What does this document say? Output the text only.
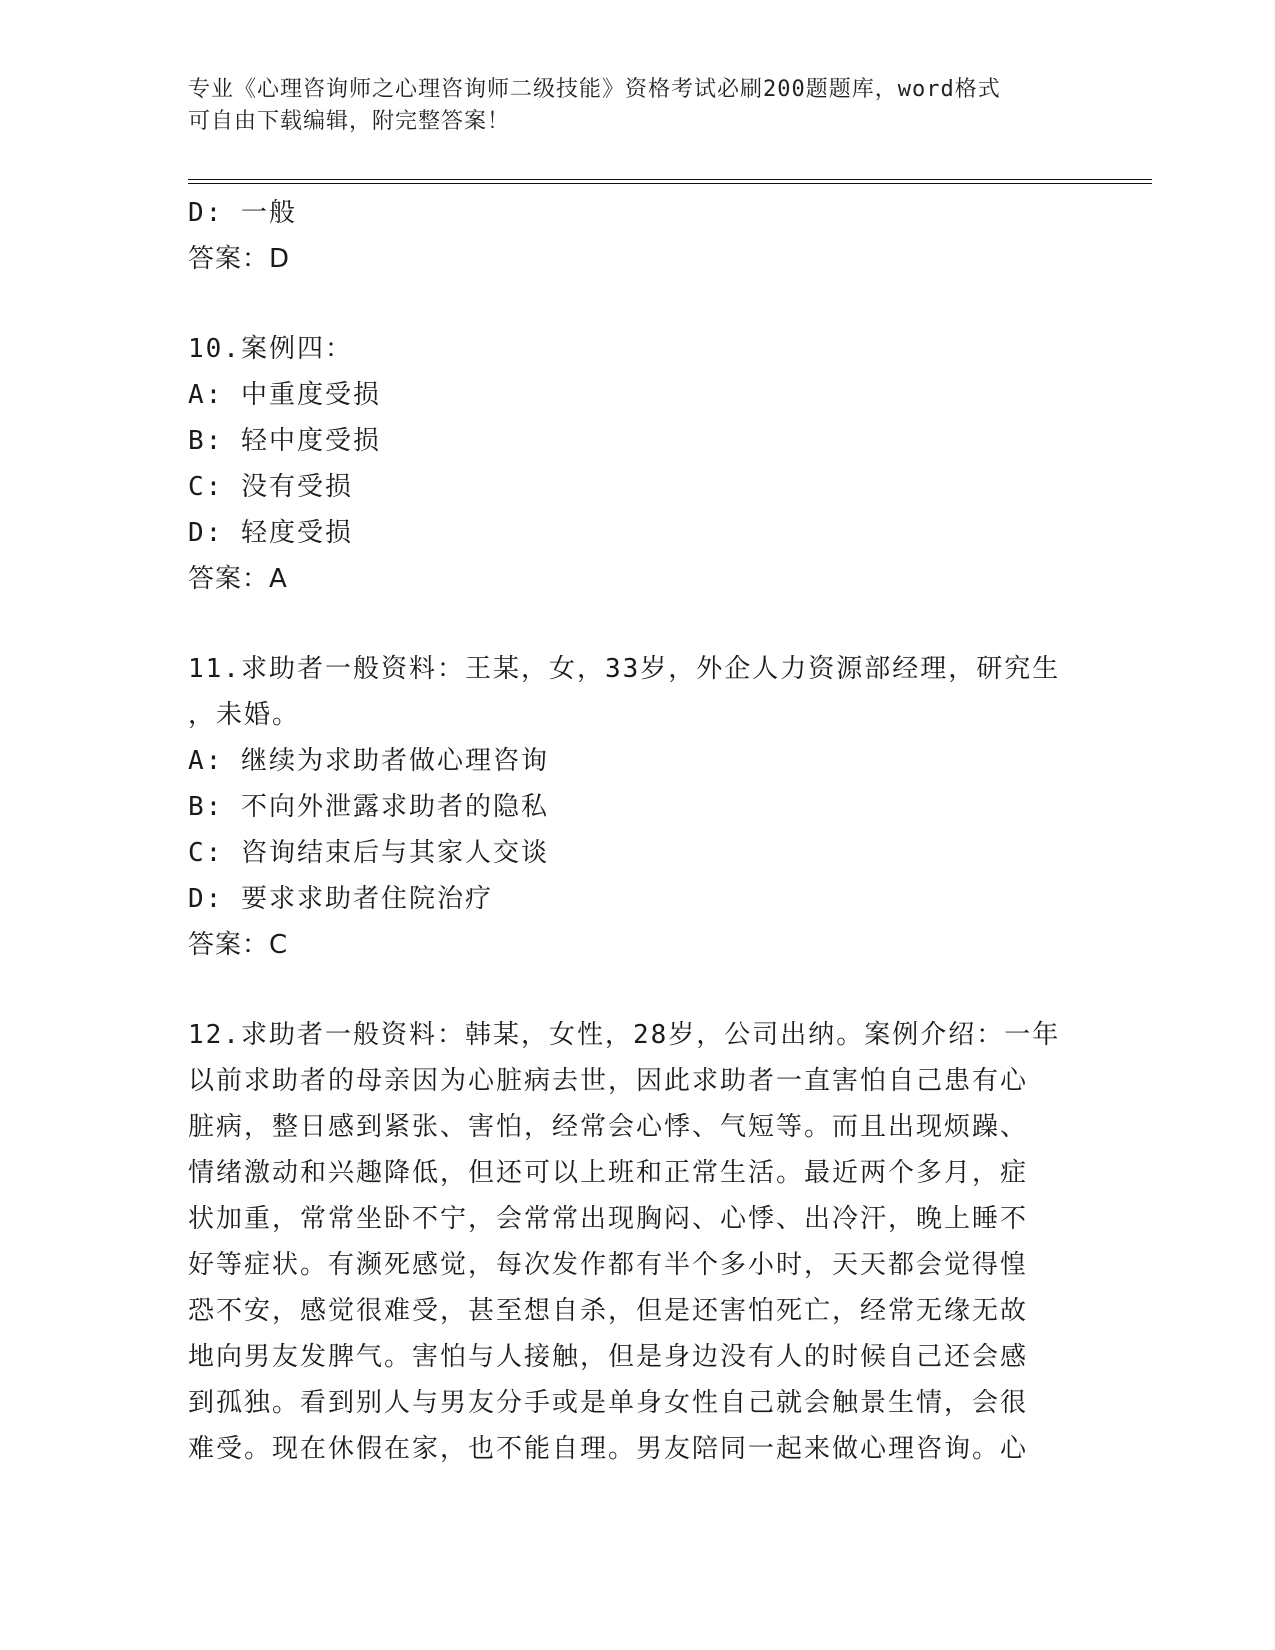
专业《心理咨询师之心理咨询师二级技能》资格考试必刷200题题库，word格式
可自由下载编辑，附完整答案！
D: 一般
答案：D
10.案例四：
A: 中重度受损
B: 轻中度受损
C: 没有受损
D: 轻度受损
答案：A
11.求助者一般资料：王某，女，33岁，外企人力资源部经理，研究生
，未婚。
A: 继续为求助者做心理咨询
B: 不向外泄露求助者的隐私
C: 咨询结束后与其家人交谈
D: 要求求助者住院治疗
答案：C
12.求助者一般资料：韩某，女性，28岁，公司出纳。案例介绍：一年
以前求助者的母亲因为心脏病去世，因此求助者一直害怕自己患有心
脏病，整日感到紧张、害怕，经常会心悸、气短等。而且出现烦躁、
情绪激动和兴趣降低，但还可以上班和正常生活。最近两个多月，症
状加重，常常坐卧不宁，会常常出现胸闷、心悸、出冷汗，晚上睡不
好等症状。有濒死感觉，每次发作都有半个多小时，天天都会觉得惶
恐不安，感觉很难受，甚至想自杀，但是还害怕死亡，经常无缘无故
地向男友发脾气。害怕与人接触，但是身边没有人的时候自己还会感
到孤独。看到别人与男友分手或是单身女性自己就会触景生情，会很
难受。现在休假在家，也不能自理。男友陪同一起来做心理咨询。心
